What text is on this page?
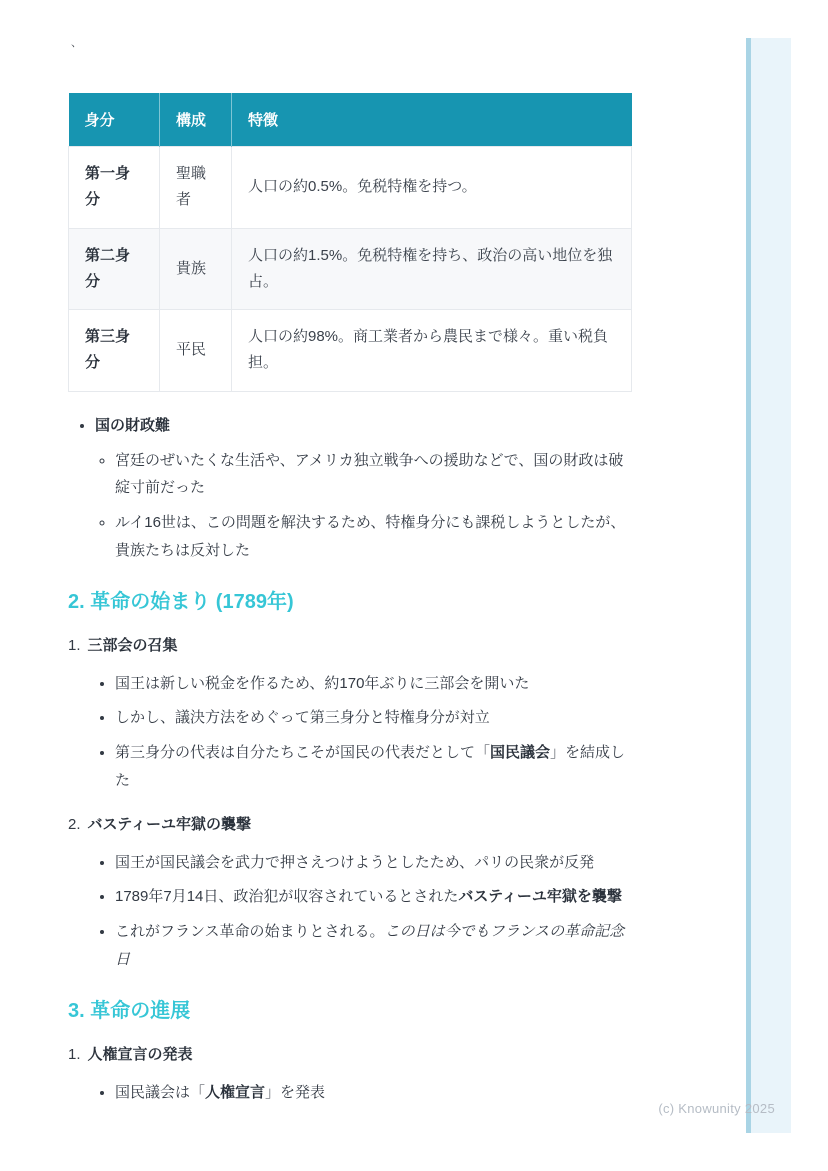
、
身分	構成	特徴
第一身分	聖職者	人口の約0.5%。免税特権を持つ。
第二身分	貴族	人口の約1.5%。免税特権を持ち、政治の高い地位を独占。
第三身分	平民	人口の約98%。商工業者から農民まで様々。重い税負担。
• 国の財政難
◦ 宮廷のぜいたくな生活や、アメリカ独立戦争への援助などで、国の財政は破綻寸前だった
◦ ルイ16世は、この問題を解決するため、特権身分にも課税しようとしたが、貴族たちは反対した
2. 革命の始まり (1789年)
1. 三部会の召集
• 国王は新しい税金を作るため、約170年ぶりに三部会を開いた
• しかし、議決方法をめぐって第三身分と特権身分が対立
• 第三身分の代表は自分たちこそが国民の代表だとして「国民議会」を結成した
2. バスティーユ牢獄の襲撃
• 国王が国民議会を武力で押さえつけようとしたため、パリの民衆が反発
• 1789年7月14日、政治犯が収容されているとされたバスティーユ牢獄を襲撃
• これがフランス革命の始まりとされる。この日は今でもフランスの革命記念日
3. 革命の進展
1. 人権宣言の発表
• 国民議会は「人権宣言」を発表
(c) Knowunity 2025
